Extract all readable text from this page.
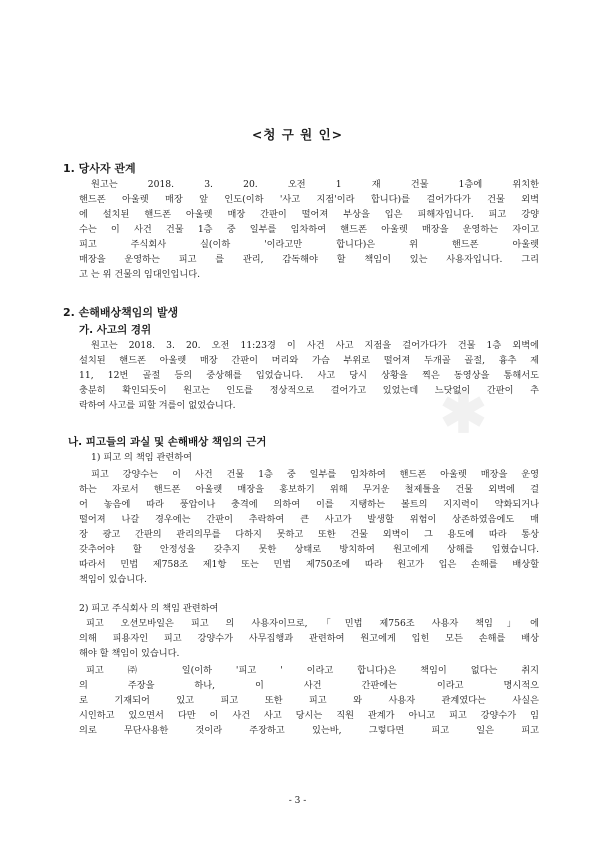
✱
<청 구 원 인>
1. 당사자 관계
원고는 2018. 3. 20. 오전 1 재 건물 1층에 위치한
핸드폰 아울렛 매장 앞 인도(이하 '사고 지점'이라 합니다)를 걸어가다가 건물 외벽
에 설치된 핸드폰 아울렛 매장 간판이 떨어져 부상을 입은 피해자입니다. 피고 강양
수는 이 사건 건물 1층 중 일부를 임차하여 핸드폰 아울렛 매장을 운영하는 자이고
피고 주식회사 실(이하 '이라고만 합니다)은 위 핸드폰 아울렛
매장을 운영하는 피고 를 관리, 감독해야 할 책임이 있는 사용자입니다. 그리
고 는 위 건물의 임대인입니다.
2. 손해배상책임의 발생
가. 사고의 경위
원고는 2018. 3. 20. 오전 11:23경 이 사건 사고 지점을 걸어가다가 건물 1층 외벽에
설치된 핸드폰 아울렛 매장 간판이 머리와 가슴 부위로 떨어져 두개골 골절, 흉추 제
11, 12번 골절 등의 중상해를 입었습니다. 사고 당시 상황을 찍은 동영상을 통해서도
충분히 확인되듯이 원고는 인도를 정상적으로 걸어가고 있었는데 느닷없이 간판이 추
락하여 사고를 피할 겨를이 없었습니다.
나. 피고들의 과실 및 손해배상 책임의 근거
1) 피고 의 책임 관련하여
피고 강양수는 이 사건 건물 1층 중 일부를 임차하여 핸드폰 아울렛 매장을 운영
하는 자로서 핸드폰 아울렛 매장을 홍보하기 위해 무거운 철제틀을 건물 외벽에 걸
어 놓음에 따라 풍압이나 충격에 의하여 이를 지탱하는 볼트의 지지력이 약화되거나
떨어져 나갈 경우에는 간판이 추락하여 큰 사고가 발생할 위험이 상존하였음에도 매
장 광고 간판의 관리의무를 다하지 못하고 또한 건물 외벽이 그 용도에 따라 통상
갖추어야 할 안정성을 갖추지 못한 상태로 방치하여 원고에게 상해를 입혔습니다.
따라서 민법 제758조 제1항 또는 민법 제750조에 따라 원고가 입은 손해를 배상할
책임이 있습니다.
2) 피고 주식회사 의 책임 관련하여
피고 오션모바일은 피고 의 사용자이므로,「민법 제756조 사용자 책임」에
의해 피용자인 피고 강양수가 사무집행과 관련하여 원고에게 입힌 모든 손해를 배상
해야 할 책임이 있습니다.
피고 ㈜ 일(이하 '피고 ' 이라고 합니다)은 책임이 없다는 취지
의 주장을 하나, 이 사건 간판에는 이라고 명시적으
로 기재되어 있고 피고 또한 피고 와 사용자 관계였다는 사실은
시인하고 있으면서 다만 이 사건 사고 당시는 직원 관계가 아니고 피고 강양수가 임
의로 무단사용한 것이라 주장하고 있는바, 그렇다면 피고 일은 피고
- 3 -
